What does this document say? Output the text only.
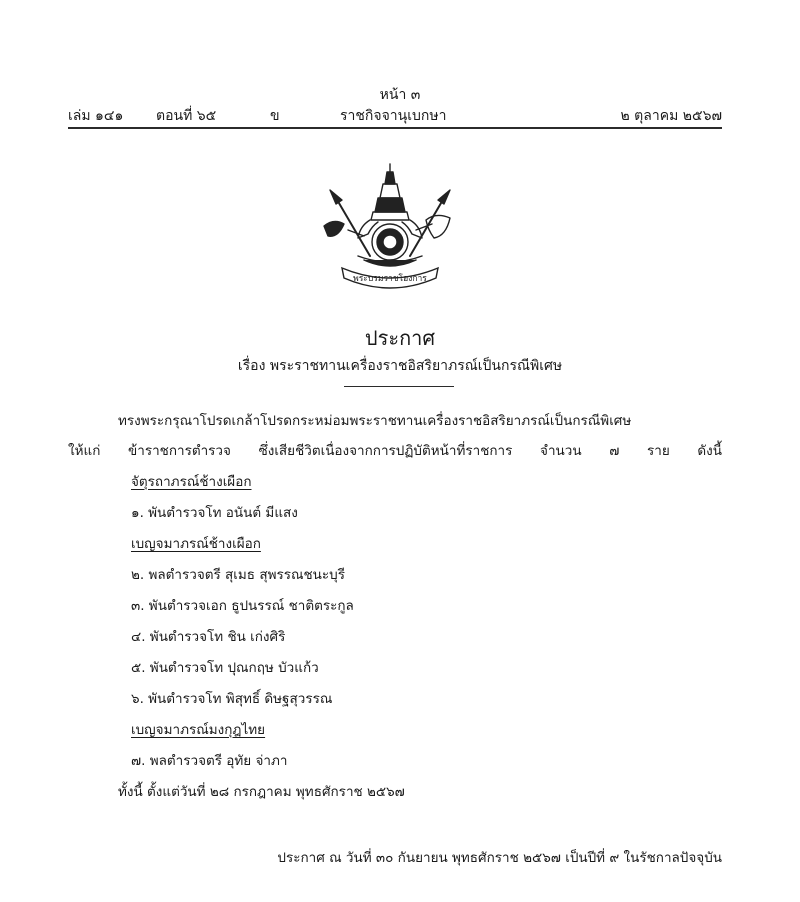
หน้า ๓
เล่ม ๑๔๑ ตอนที่ ๖๕	ข	ราชกิจจานุเบกษา	๒ ตุลาคม ๒๕๖๗
พระบรมราชโองการ
ประกาศ
เรื่อง พระราชทานเครื่องราชอิสริยาภรณ์เป็นกรณีพิเศษ
ทรงพระกรุณาโปรดเกล้าโปรดกระหม่อมพระราชทานเครื่องราชอิสริยาภรณ์เป็นกรณีพิเศษ
ให้แก่ ข้าราชการตำรวจ ซึ่งเสียชีวิตเนื่องจากการปฏิบัติหน้าที่ราชการ จำนวน ๗ ราย ดังนี้
จัตุรถาภรณ์ช้างเผือก
๑. พันตำรวจโท อนันต์ มีแสง
เบญจมาภรณ์ช้างเผือก
๒. พลตำรวจตรี สุเมธ สุพรรณชนะบุรี
๓. พันตำรวจเอก ธูปนรรณ์ ชาติตระกูล
๔. พันตำรวจโท ชิน เก่งศิริ
๕. พันตำรวจโท ปุณกฤษ บัวแก้ว
๖. พันตำรวจโท พิสุทธิ์ ดิษฐสุวรรณ
เบญจมาภรณ์มงกุฎไทย
๗. พลตำรวจตรี อุทัย จ่าภา
ทั้งนี้ ตั้งแต่วันที่ ๒๘ กรกฎาคม พุทธศักราช ๒๕๖๗
ประกาศ ณ วันที่ ๓๐ กันยายน พุทธศักราช ๒๕๖๗ เป็นปีที่ ๙ ในรัชกาลปัจจุบัน
